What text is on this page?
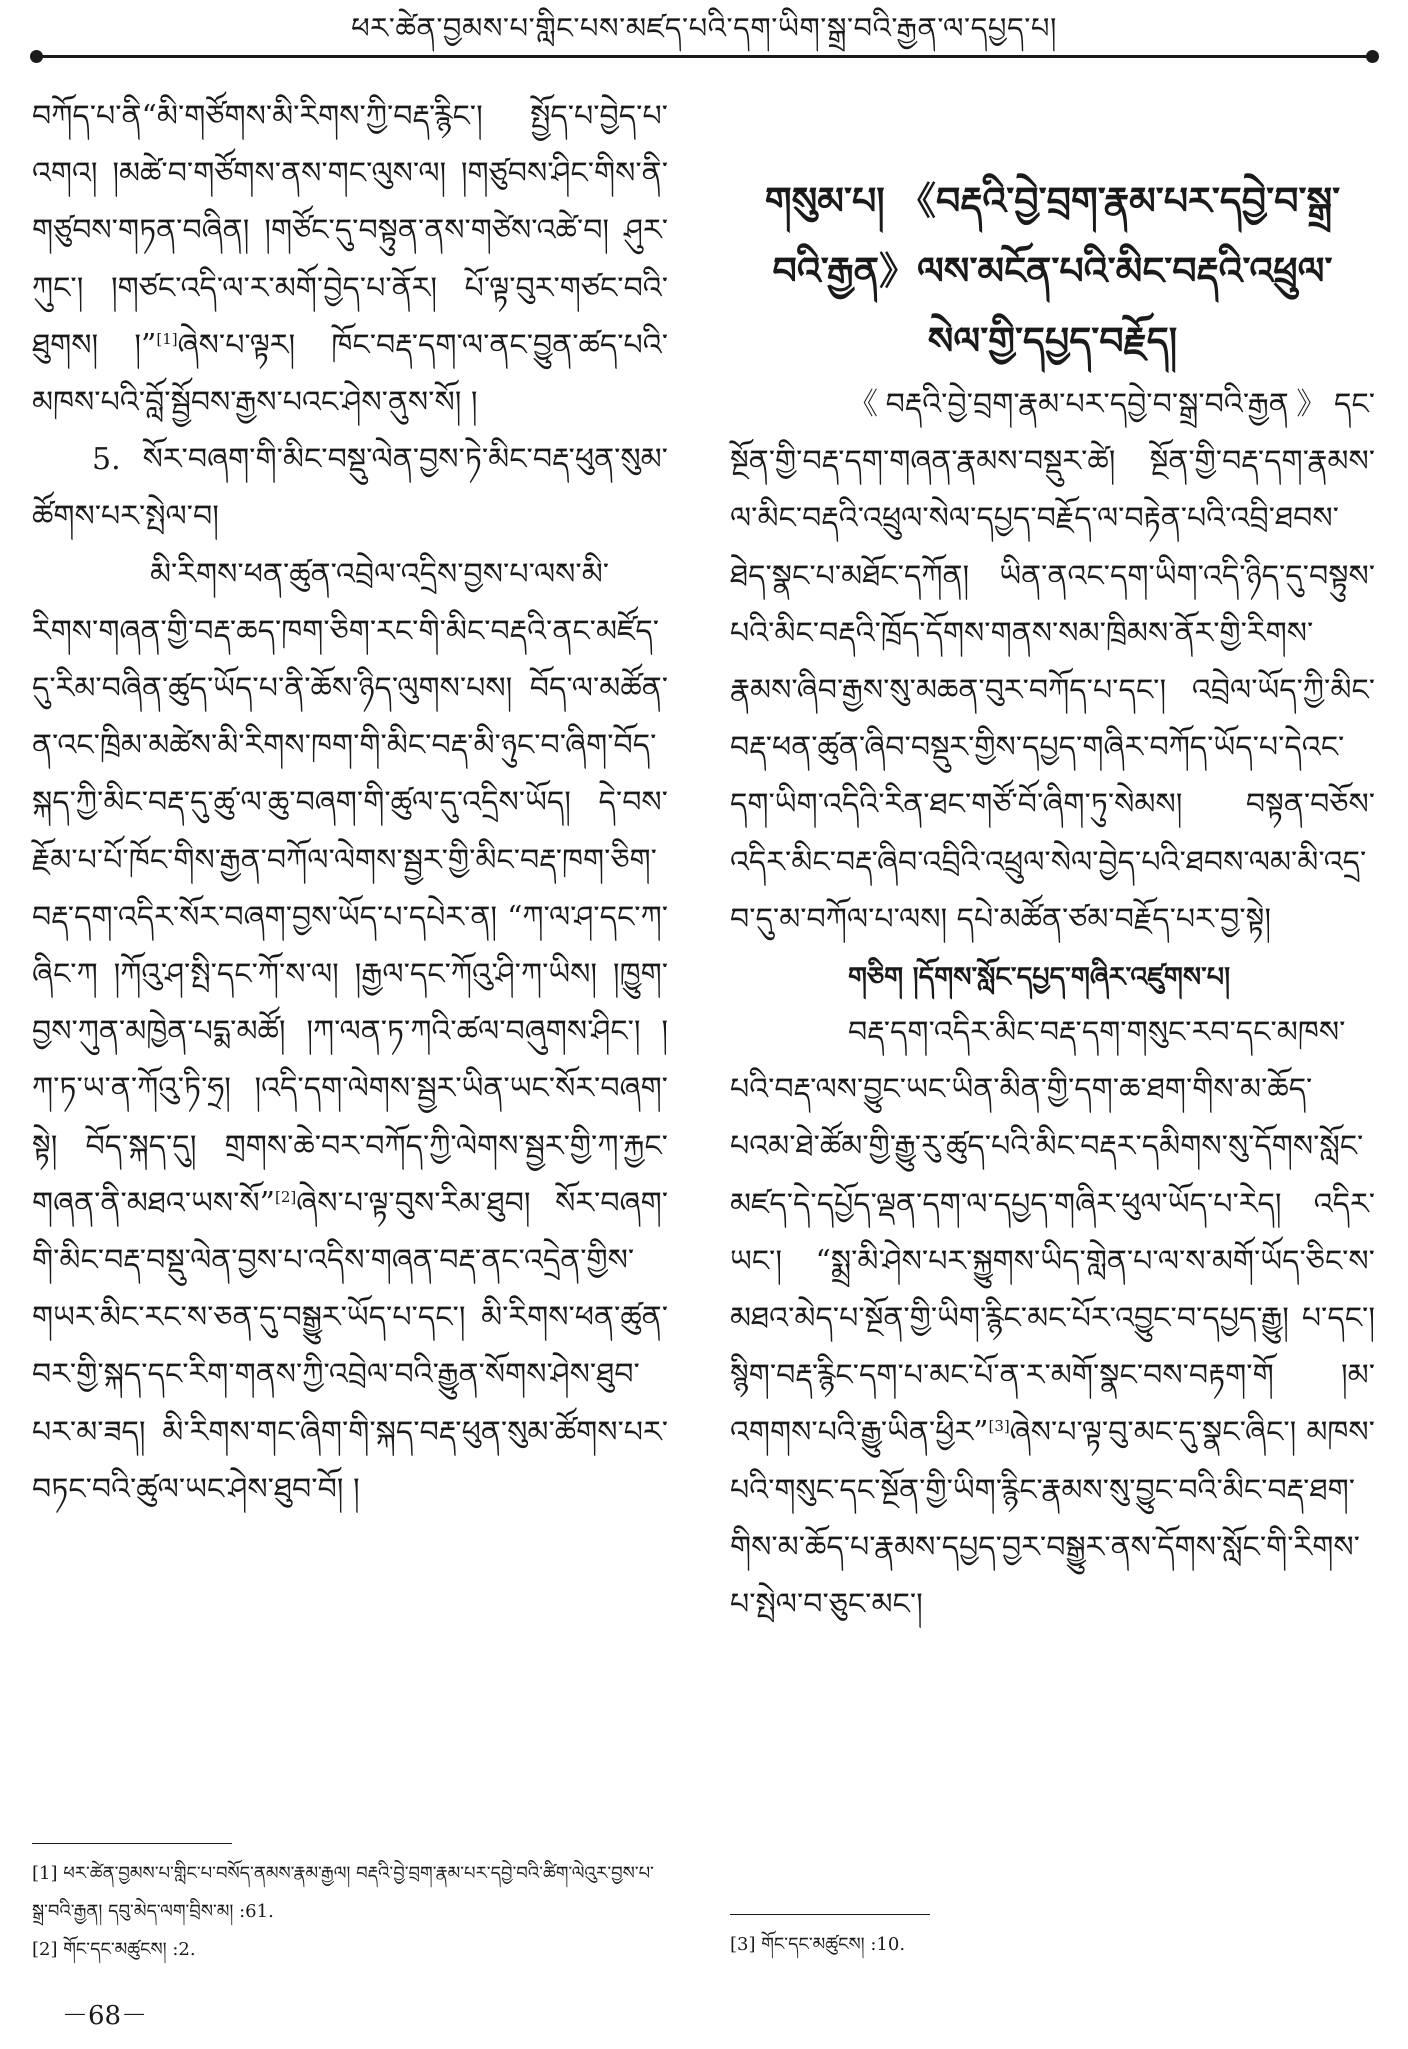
ཕར་ཚེན་བྱམས་པ་གླིང་པས་མཛད་པའི་དག་ཡིག་སྒྲ་བའི་རྒྱན་ལ་དཔྱད་པ།

བཀོད་པ་ནི“མི་གཙོགས་མི་རིགས་ཀྱི་བརྡ་རྙིང་། སྤྱོད་པ་བྱེད་པ་འགའ། །མཚེ་བ་གཙོགས་ནས་གང་ལུས་ལ། །གཙུབས་ཤིང་གིས་ནི་གཙུབས་གཏན་བཞིན། །གཙོང་དུ་བསྟུན་ནས་གཙེས་འཚེ་བ། ཤུར་ཀུང་། །གཙང་འདི་ལ་ར་མགོ་བྱེད་པ་ནོར། པོ་ལྟ་བུར་གཙང་བའི་ཐུགས། །”[1]ཞེས་པ་ལྟར། ཁོང་བརྡ་དག་ལ་ནང་བྱུན་ཚད་པའི་མཁས་པའི་བློ་སྦྱོབས་རྒྱས་པའང་ཤེས་ནུས་སོ། །

5. སོར་བཞག་གི་མིང་བསྡུ་ལེན་བྱས་ཏེ་མིང་བརྡ་ཕུན་སུམ་ཚོགས་པར་སྤེལ་བ།

མི་རིགས་ཕན་ཚུན་འབྲེལ་འདྲིས་བྱས་པ་ལས་མི་རིགས་གཞན་གྱི་བརྡ་ཆད་ཁག་ཅིག་རང་གི་མིང་བརྡའི་ནང་མཛོད་དུ་རིམ་བཞིན་ཚུད་ཡོད་པ་ནི་ཆོས་ཉིད་ལུགས་པས། བོད་ལ་མཚོན་ན་འང་ཁྲིམ་མཚེས་མི་རིགས་ཁག་གི་མིང་བརྡ་མི་ཉུང་བ་ཞིག་བོད་སྐད་ཀྱི་མིང་བརྡ་དུ་ཚུ་ལ་ཆུ་བཞག་གི་ཚུལ་དུ་འདྲིས་ཡོད། དེ་བས་རྗོམ་པ་པོ་ཁོང་གིས་རྒྱན་བཀོལ་ལེགས་སྦྱར་གྱི་མིང་བརྡ་ཁག་ཅིག་བརྡ་དག་འདིར་སོར་བཞག་བྱས་ཡོད་པ་དཔེར་ན། “ཀ་ལ་ཤ་དང་ཀ་ཞིང་ཀ །ཀོའུ་ཤ་སྤི་དང་ཀོ་ས་ལ། །རྒྱལ་དང་ཀོའུ་ཤི་ཀ་ཡིས། །ཁྱུག་བྱས་ཀུན་མཁྱེན་པདྨ་མཚོ། །ཀ་ལན་ཏ་ཀའི་ཚལ་བཞུགས་ཤིང་། །ཀ་ཏ་ཡ་ན་ཀོའུ་ཏི་ཧྲ། །འདི་དག་ལེགས་སྦྱར་ཡིན་ཡང་སོར་བཞག་སྟེ། བོད་སྐད་དུ། གྲགས་ཆེ་བར་བཀོད་ཀྱི་ལེགས་སྦྱར་གྱི་ཀ་རྐྱང་གཞན་ནི་མཐའ་ཡས་སོ”[2]ཞེས་པ་ལྟ་བུས་རིམ་ཐུབ། སོར་བཞག་གི་མིང་བརྡ་བསྡུ་ལེན་བྱས་པ་འདིས་གཞན་བརྡ་ནང་འདྲེན་གྱིས་གཡར་མིང་རང་ས་ཅན་དུ་བསྒྱུར་ཡོད་པ་དང་། མི་རིགས་ཕན་ཚུན་བར་གྱི་སྐད་དང་རིག་གནས་ཀྱི་འབྲེལ་བའི་རྒྱུན་སོགས་ཤེས་ཐུབ་པར་མ་ཟད། མི་རིགས་གང་ཞིག་གི་སྐད་བརྡ་ཕུན་སུམ་ཚོགས་པར་བཏང་བའི་ཚུལ་ཡང་ཤེས་ཐུབ་བོ། །

གསུམ་པ། 《བརྡའི་བྱེ་བྲག་རྣམ་པར་དབྱེ་བ་སྒྲ་བའི་རྒྱན》ལས་མངོན་པའི་མིང་བརྡའི་འཕྲུལ་སེལ་གྱི་དཔྱད་བརྗོད།

《བརྡའི་བྱེ་བྲག་རྣམ་པར་དབྱེ་བ་སྒྲ་བའི་རྒྱན》དང་སྔོན་གྱི་བརྡ་དག་གཞན་རྣམས་བསྡུར་ཚེ། སྔོན་གྱི་བརྡ་དག་རྣམས་ལ་མིང་བརྡའི་འཕྲུལ་སེལ་དཔྱད་བརྗོད་ལ་བརྟེན་པའི་འབྲི་ཐབས་ཐེད་སྣང་པ་མཐོང་དཀོན། ཡིན་ནའང་དག་ཡིག་འདི་ཉིད་དུ་བསྟུས་པའི་མིང་བརྡའི་ཁྲོད་དོགས་གནས་སམ་ཁྲིམས་ནོར་གྱི་རིགས་རྣམས་ཞིབ་རྒྱས་སུ་མཆན་བུར་བཀོད་པ་དང་། འབྲེལ་ཡོད་ཀྱི་མིང་བརྡ་ཕན་ཚུན་ཞིབ་བསྡུར་གྱིས་དཔྱད་གཞིར་བཀོད་ཡོད་པ་དེའང་དག་ཡིག་འདིའི་རིན་ཐང་གཙོ་བོ་ཞིག་ཏུ་སེམས། བསྟན་བཅོས་འདིར་མིང་བརྡ་ཞིབ་འབྲིའི་འཕྲུལ་སེལ་བྱེད་པའི་ཐབས་ལམ་མི་འདྲ་བ་དུ་མ་བཀོལ་པ་ལས། དཔེ་མཚོན་ཙམ་བརྗོད་པར་བྱ་སྟེ།

གཅིག །དོགས་སློང་དཔྱད་གཞིར་འཛུགས་པ།

བརྡ་དག་འདིར་མིང་བརྡ་དག་གསུང་རབ་དང་མཁས་པའི་བརྡ་ལས་བྱུང་ཡང་ཡིན་མིན་གྱི་དག་ཆ་ཐག་གིས་མ་ཆོད་པའམ་ཐེ་ཚོམ་གྱི་རྒྱུ་རུ་ཚུད་པའི་མིང་བརྡར་དམིགས་སུ་དོགས་སློང་མཛད་དེ་དཔྱོད་ལྡན་དག་ལ་དཔྱད་གཞིར་ཕུལ་ཡོད་པ་རེད། འདིར་ཡང་། “སྨྲ་མི་ཤེས་པར་སྐྱུགས་ཡིད་གླེན་པ་ལ་ས་མགོ་ཡོད་ཅིང་ས་མཐའ་མེད་པ་སྔོན་གྱི་ཡིག་རྙིང་མང་པོར་འབྱུང་བ་དཔྱད་རྒྱུ། པ་དང་། སྙིག་བརྡ་རྙིང་དག་པ་མང་པོ་ན་ར་མགོ་སྣང་བས་བརྟག་གོ །མ་འགགས་པའི་རྒྱུ་ཡིན་ཕྱིར”[3]ཞེས་པ་ལྟ་བུ་མང་དུ་སྣང་ཞིང་། མཁས་པའི་གསུང་དང་སྔོན་གྱི་ཡིག་རྙིང་རྣམས་སུ་བྱུང་བའི་མིང་བརྡ་ཐག་གིས་མ་ཆོད་པ་རྣམས་དཔྱད་བྱར་བསྒྱུར་ནས་དོགས་སློང་གི་རིགས་པ་སྤེལ་བ་ཅུང་མང་།

[1] ཕར་ཚེན་བྱམས་པ་གླིང་པ་བསོད་ནམས་རྣམ་རྒྱལ། བརྡའི་བྱེ་བྲག་རྣམ་པར་དབྱེ་བའི་ཚིག་ལེའུར་བྱས་པ་སྒྲ་བའི་རྒྱན། དབུ་མེད་ལག་བྲིས་མ། :61.

[2] གོང་དང་མཚུངས། :2.	[3] གོང་དང་མཚུངས། :10.

－68－
